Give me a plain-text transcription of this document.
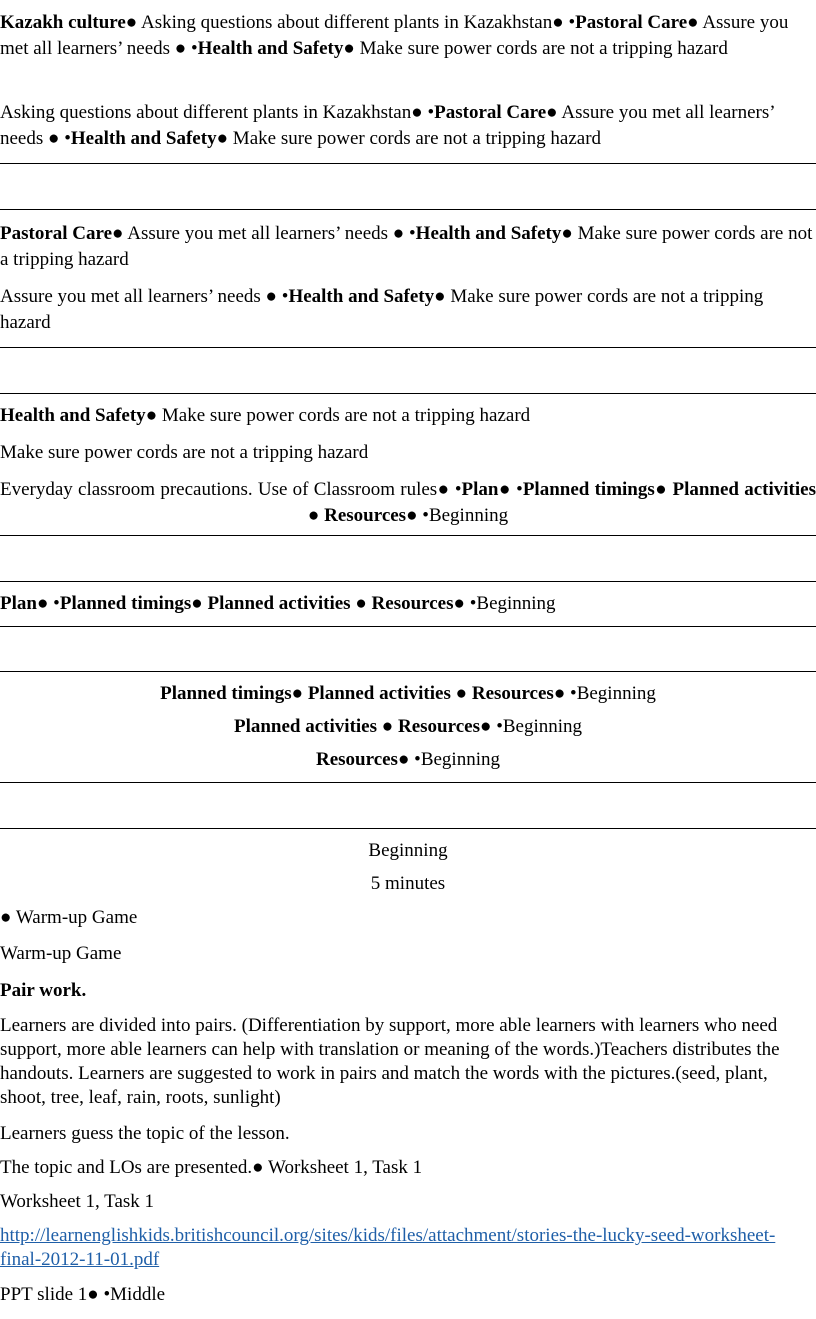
Kazakh culture● Asking questions about different plants in Kazakhstan● •Pastoral Care● Assure you met all learners’ needs ● •Health and Safety● Make sure power cords are not a tripping hazard

Asking questions about different plants in Kazakhstan● •Pastoral Care● Assure you met all learners’ needs ● •Health and Safety● Make sure power cords are not a tripping hazard

Pastoral Care● Assure you met all learners’ needs ● •Health and Safety● Make sure power cords are not a tripping hazard

Assure you met all learners’ needs ● •Health and Safety● Make sure power cords are not a tripping hazard

Health and Safety● Make sure power cords are not a tripping hazard

Make sure power cords are not a tripping hazard

Everyday classroom precautions. Use of Classroom rules● •Plan● •Planned timings● Planned activities ● Resources● •Beginning

Plan● •Planned timings● Planned activities ● Resources● •Beginning

Planned timings● Planned activities ● Resources● •Beginning

Planned activities ● Resources● •Beginning

Resources● •Beginning

Beginning

5 minutes

● Warm-up Game

Warm-up Game

Pair work.

Learners are divided into pairs. (Differentiation by support, more able learners with learners who need support, more able learners can help with translation or meaning of the words.)Teachers distributes the handouts. Learners are suggested to work in pairs and match the words with the pictures.(seed, plant, shoot, tree, leaf, rain, roots, sunlight)

Learners guess the topic of the lesson.

The topic and LOs are presented.● Worksheet 1, Task 1

Worksheet 1, Task 1

http://learnenglishkids.britishcouncil.org/sites/kids/files/attachment/stories-the-lucky-seed-worksheet-final-2012-11-01.pdf

PPT slide 1● •Middle
